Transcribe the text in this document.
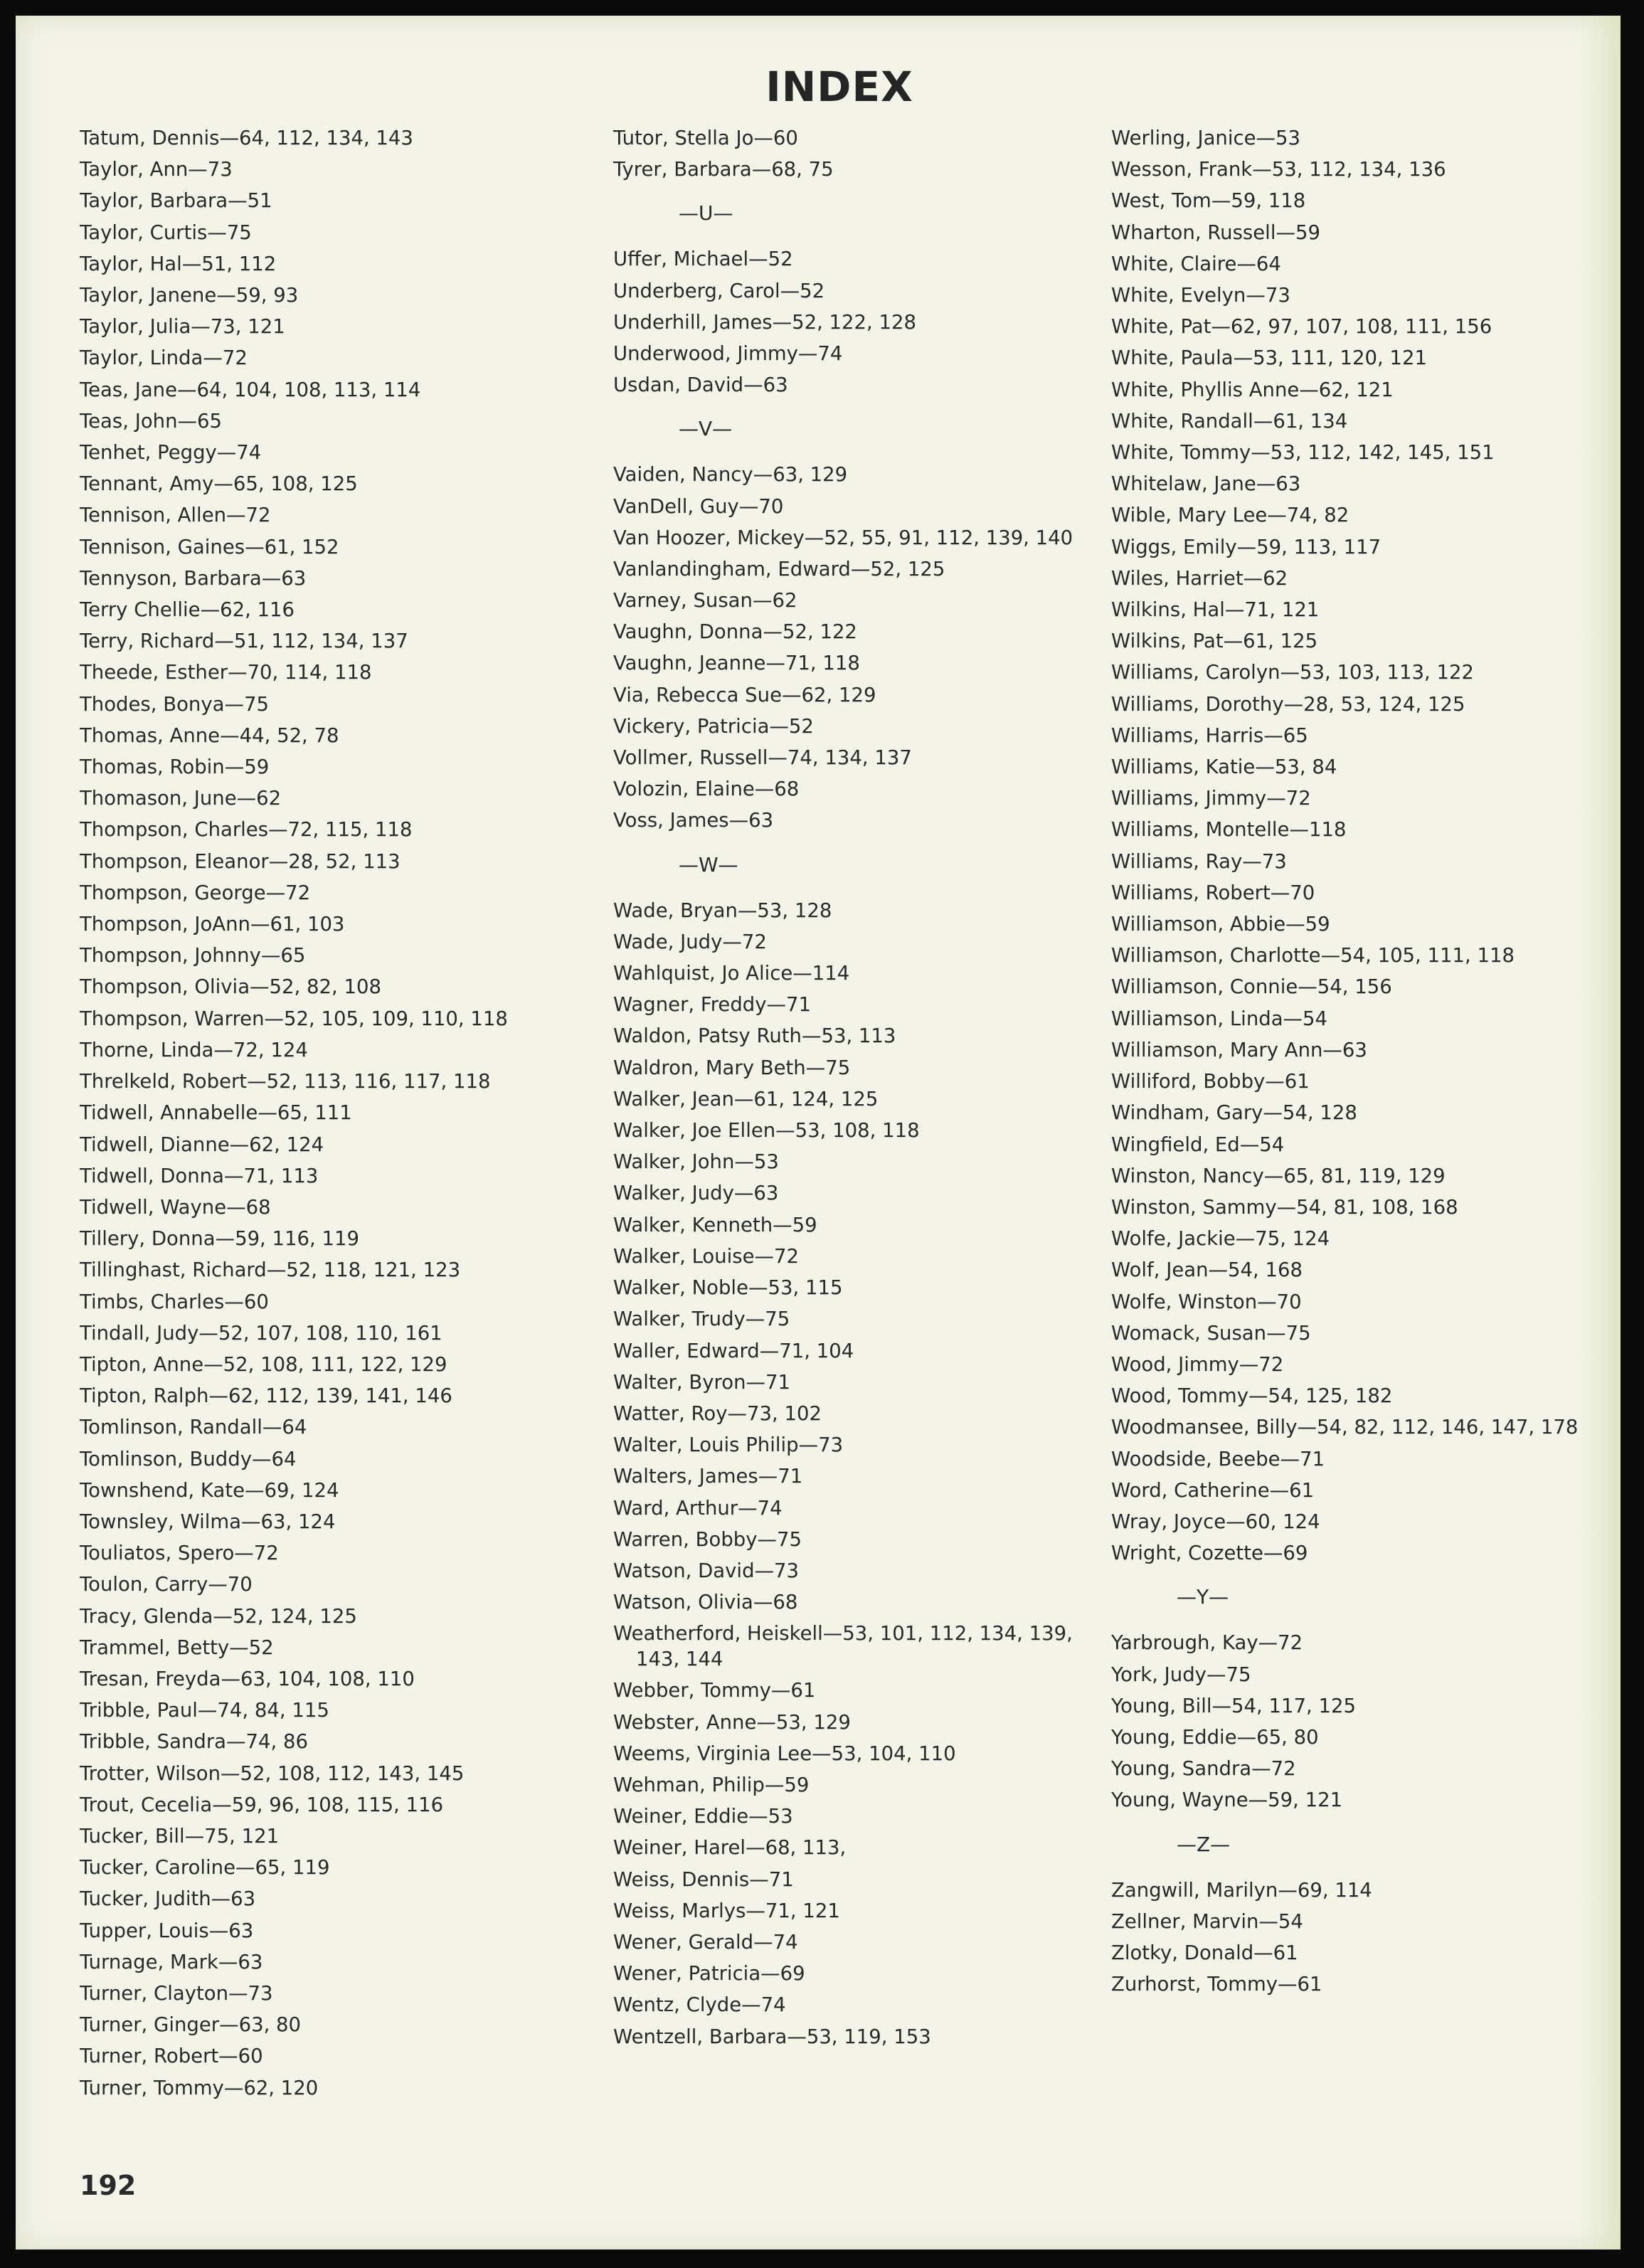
INDEX
Tatum, Dennis—64, 112, 134, 143
Taylor, Ann—73
Taylor, Barbara—51
Taylor, Curtis—75
Taylor, Hal—51, 112
Taylor, Janene—59, 93
Taylor, Julia—73, 121
Taylor, Linda—72
Teas, Jane—64, 104, 108, 113, 114
Teas, John—65
Tenhet, Peggy—74
Tennant, Amy—65, 108, 125
Tennison, Allen—72
Tennison, Gaines—61, 152
Tennyson, Barbara—63
Terry Chellie—62, 116
Terry, Richard—51, 112, 134, 137
Theede, Esther—70, 114, 118
Thodes, Bonya—75
Thomas, Anne—44, 52, 78
Thomas, Robin—59
Thomason, June—62
Thompson, Charles—72, 115, 118
Thompson, Eleanor—28, 52, 113
Thompson, George—72
Thompson, JoAnn—61, 103
Thompson, Johnny—65
Thompson, Olivia—52, 82, 108
Thompson, Warren—52, 105, 109, 110, 118
Thorne, Linda—72, 124
Threlkeld, Robert—52, 113, 116, 117, 118
Tidwell, Annabelle—65, 111
Tidwell, Dianne—62, 124
Tidwell, Donna—71, 113
Tidwell, Wayne—68
Tillery, Donna—59, 116, 119
Tillinghast, Richard—52, 118, 121, 123
Timbs, Charles—60
Tindall, Judy—52, 107, 108, 110, 161
Tipton, Anne—52, 108, 111, 122, 129
Tipton, Ralph—62, 112, 139, 141, 146
Tomlinson, Randall—64
Tomlinson, Buddy—64
Townshend, Kate—69, 124
Townsley, Wilma—63, 124
Touliatos, Spero—72
Toulon, Carry—70
Tracy, Glenda—52, 124, 125
Trammel, Betty—52
Tresan, Freyda—63, 104, 108, 110
Tribble, Paul—74, 84, 115
Tribble, Sandra—74, 86
Trotter, Wilson—52, 108, 112, 143, 145
Trout, Cecelia—59, 96, 108, 115, 116
Tucker, Bill—75, 121
Tucker, Caroline—65, 119
Tucker, Judith—63
Tupper, Louis—63
Turnage, Mark—63
Turner, Clayton—73
Turner, Ginger—63, 80
Turner, Robert—60
Turner, Tommy—62, 120
Tutor, Stella Jo—60
Tyrer, Barbara—68, 75
—U—
Uffer, Michael—52
Underberg, Carol—52
Underhill, James—52, 122, 128
Underwood, Jimmy—74
Usdan, David—63
—V—
Vaiden, Nancy—63, 129
VanDell, Guy—70
Van Hoozer, Mickey—52, 55, 91, 112, 139, 140
Vanlandingham, Edward—52, 125
Varney, Susan—62
Vaughn, Donna—52, 122
Vaughn, Jeanne—71, 118
Via, Rebecca Sue—62, 129
Vickery, Patricia—52
Vollmer, Russell—74, 134, 137
Volozin, Elaine—68
Voss, James—63
—W—
Wade, Bryan—53, 128
Wade, Judy—72
Wahlquist, Jo Alice—114
Wagner, Freddy—71
Waldon, Patsy Ruth—53, 113
Waldron, Mary Beth—75
Walker, Jean—61, 124, 125
Walker, Joe Ellen—53, 108, 118
Walker, John—53
Walker, Judy—63
Walker, Kenneth—59
Walker, Louise—72
Walker, Noble—53, 115
Walker, Trudy—75
Waller, Edward—71, 104
Walter, Byron—71
Watter, Roy—73, 102
Walter, Louis Philip—73
Walters, James—71
Ward, Arthur—74
Warren, Bobby—75
Watson, David—73
Watson, Olivia—68
Weatherford, Heiskell—53, 101, 112, 134, 139, 143, 144
Webber, Tommy—61
Webster, Anne—53, 129
Weems, Virginia Lee—53, 104, 110
Wehman, Philip—59
Weiner, Eddie—53
Weiner, Harel—68, 113,
Weiss, Dennis—71
Weiss, Marlys—71, 121
Wener, Gerald—74
Wener, Patricia—69
Wentz, Clyde—74
Wentzell, Barbara—53, 119, 153
Werling, Janice—53
Wesson, Frank—53, 112, 134, 136
West, Tom—59, 118
Wharton, Russell—59
White, Claire—64
White, Evelyn—73
White, Pat—62, 97, 107, 108, 111, 156
White, Paula—53, 111, 120, 121
White, Phyllis Anne—62, 121
White, Randall—61, 134
White, Tommy—53, 112, 142, 145, 151
Whitelaw, Jane—63
Wible, Mary Lee—74, 82
Wiggs, Emily—59, 113, 117
Wiles, Harriet—62
Wilkins, Hal—71, 121
Wilkins, Pat—61, 125
Williams, Carolyn—53, 103, 113, 122
Williams, Dorothy—28, 53, 124, 125
Williams, Harris—65
Williams, Katie—53, 84
Williams, Jimmy—72
Williams, Montelle—118
Williams, Ray—73
Williams, Robert—70
Williamson, Abbie—59
Williamson, Charlotte—54, 105, 111, 118
Williamson, Connie—54, 156
Williamson, Linda—54
Williamson, Mary Ann—63
Williford, Bobby—61
Windham, Gary—54, 128
Wingfield, Ed—54
Winston, Nancy—65, 81, 119, 129
Winston, Sammy—54, 81, 108, 168
Wolfe, Jackie—75, 124
Wolf, Jean—54, 168
Wolfe, Winston—70
Womack, Susan—75
Wood, Jimmy—72
Wood, Tommy—54, 125, 182
Woodmansee, Billy—54, 82, 112, 146, 147, 178
Woodside, Beebe—71
Word, Catherine—61
Wray, Joyce—60, 124
Wright, Cozette—69
—Y—
Yarbrough, Kay—72
York, Judy—75
Young, Bill—54, 117, 125
Young, Eddie—65, 80
Young, Sandra—72
Young, Wayne—59, 121
—Z—
Zangwill, Marilyn—69, 114
Zellner, Marvin—54
Zlotky, Donald—61
Zurhorst, Tommy—61
192
